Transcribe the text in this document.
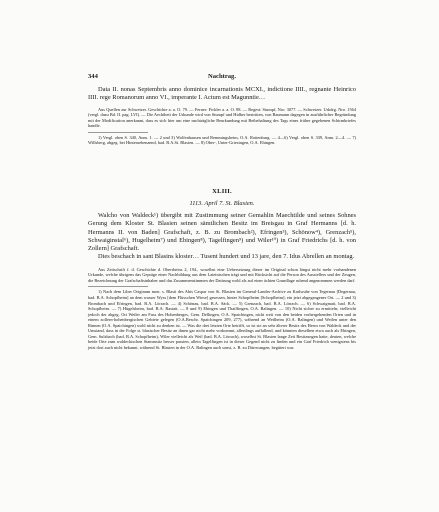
344	Nachtrag.

Data II. nonas Septembris anno dominice incarnationis MCXI., indictione IIII., regnante Heinrico IIII. rege Romanorum anno VI., imperante I. Actum est Magunntie…

Aus Quellen zur Schweizer. Geschichte a. a. O. 79. — Ferner: Fickler a. a. O. 98. — Regest: Stumpf, Nro. 3077. — Schweizer. Urkdrg. Nro. 1564 (vergl. dazu Bd. II. pag. LVI). — Die Aechtheit der Urkunde wird von Stumpf und Hidber bestritten, von Baumann dagegen in ausführlicher Begründung mit der Modification anerkannt, dass es sich hier um eine nachträgliche Beurkundung mit Beibehaltung des Tags eines früher gegebenen Schirmbriefes handle.

1) Vergl. oben S. 340, Anm. 1. — 2 und 3) Wolfenhausen und Remmingsheim, O.A. Rottenburg. — 4—6) Vergl. oben S. 339, Anm. 2—4. — 7) Willsberg, abgeg. bei Hinteruebenaend, bad. B.A.St. Blasien. — 8) Ober-, Unter-Griesingen, O.A. Ehingen.

XLIII.

1113. April 7. St. Blasien.

Walcho von Waldeck¹) übergibt mit Zustimmung seiner Gemahlin Maechtilde und seines Sohnes Gerung dem Kloster St. Blasien seinen sämtlichen Besitz im Breisgau in Graf Hermanns [d. h. Hermanns II. von Baden] Grafschaft, z. B. zu Brombach²), Efringen³), Schönow⁴), Grenzach⁵), Schwaiginstal⁶), Hugelheim⁷) und Ebingen⁸), Tagelfingen⁹) und Wiler¹⁰) in Graf Friedrichs [d. h. von Zollern] Grafschaft.

Dies beschach in sant Blasins kloster… Tusent hundert und 13 jare, den 7. Idus Abrellen an montag.

Aus Zeitschrift f. d. Geschichte d. Oberrheins 2, 194., woselbst eine Uebersetzung dieser im Original schon längst nicht mehr vorhandenen Urkunde, welche übrigens das Gepräge einer Nachbildung aus dem Lateinischen trägt und mit Rücksicht auf die Person des Ausstellers und der Zeugen, die Bezeichnung der Grafschaftsinhaber und das Zusammenstimmen der Datirung wohl als auf einer ächten Grundlage ruhend angenommen werden darf.

1) Nach dem Liber Originum mon. s. Blasii des Abts Caspar von St. Blasien im General-Landes-Archive zu Karlsruhe von Tegernau [Degernau, bad. B.A. Schopfheim] an dem wasser Wyss [dem Flüsschen Wiese] gesessen, hinter Schopfheim [Schopfheim]; ein jetzt abgegangener Ort. — 2 und 3) Brombach und Efringen, bad. B.A. Lörrach. — 4) Schönau, bad. B.A. Säck. — 5) Grenzach, bad. B.A. Lörrach. — 6) Schwaigmatt, bad. B.A. Schopfheim. — 7) Hügelsheim, bad. B.A. Rastatt. — 8 und 9) Ebingen und Thailfingen, O.A. Balingen. — 10) Nicht sicher zu ermitteln; vielleicht jedoch der abgeg. Ort Weiler am Fuss des Hohenberges, Gem. Dellingen, O.A. Spaichingen, nicht weit von den beiden vorhergehenden Orten und in einem zollern-hohenbergischen Gebiete gelegen (O.A.Beschr. Spaichingen 209, 277), während an Weilheim (O.A. Balingen) und Weilen unter den Rinnen (O.A. Spaichingen) wohl nicht zu denken ist. — Was die drei letzten Orte betrifft, so ist sie an sehr älterer Besitz des Herrn von Waldeck und der Umstand, dass in der Folge st. blasischer Besitz an ihnen gar nicht mehr vorkommt, allerdings auffallend, und könnten dieselben etwa auch als Ebingen, Gem. Sulzbach (bad. B.A. Schopfheim), Wiler vielleicht als Weil (bad. B.A. Lörrach), woselbst St. Blasien lange Zeit Besitzungen hatte, deuten, welche beide Orte zum waldeckischen Stammsitz besser passten, allein Tagelfingen ist in dieser Gegend nicht zu finden und ein Graf Friedrich wenigstens bis jetzt dort auch nicht bekannt, während St. Blasien in der O.A. Balingen auch sonst, z. B. zu Dürrwangen, begütert war.
